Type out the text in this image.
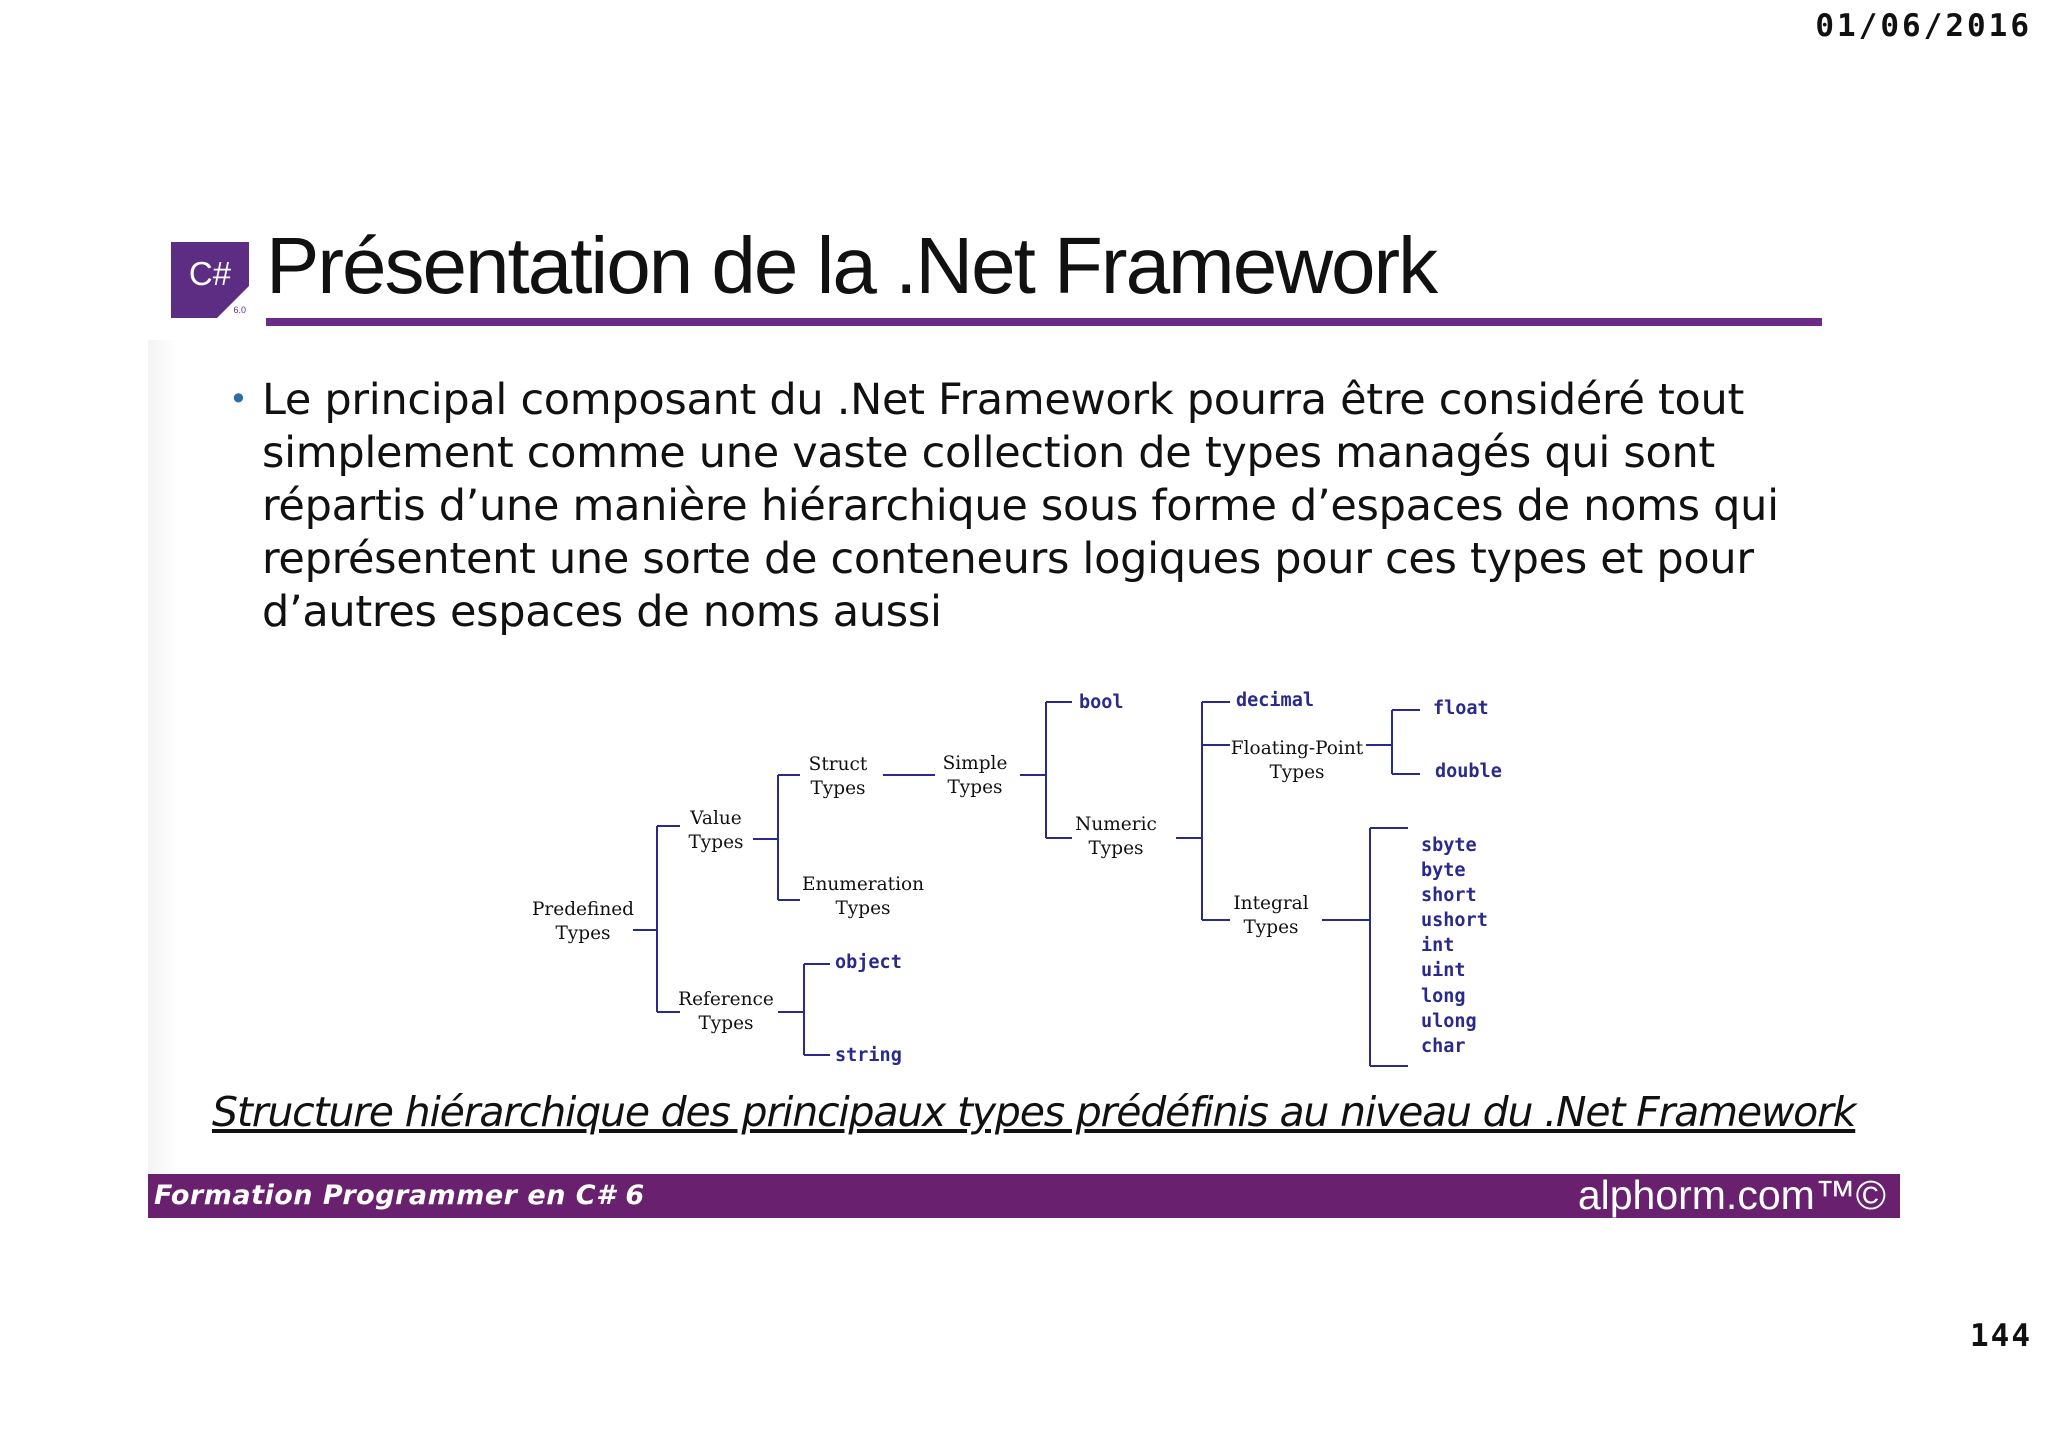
01/06/2016
C#
6.0 Présentation de la .Net Framework
• Le principal composant du .Net Framework pourra être considéré tout simplement comme une vaste collection de types managés qui sont répartis d’une manière hiérarchique sous forme d’espaces de noms qui représentent une sorte de conteneurs logiques pour ces types et pour d’autres espaces de noms aussi
Predefined Types
Value Types
Reference Types
Struct Types
Enumeration Types
Simple Types
Numeric Types
Floating-Point Types
Integral Types
bool	decimal	float
double
object
string
sbyte
byte
short
ushort
int
uint
long
ulong
char
Structure hiérarchique des principaux types prédéfinis au niveau du .Net Framework
Formation Programmer en C# 6	alphorm.com™©
144
